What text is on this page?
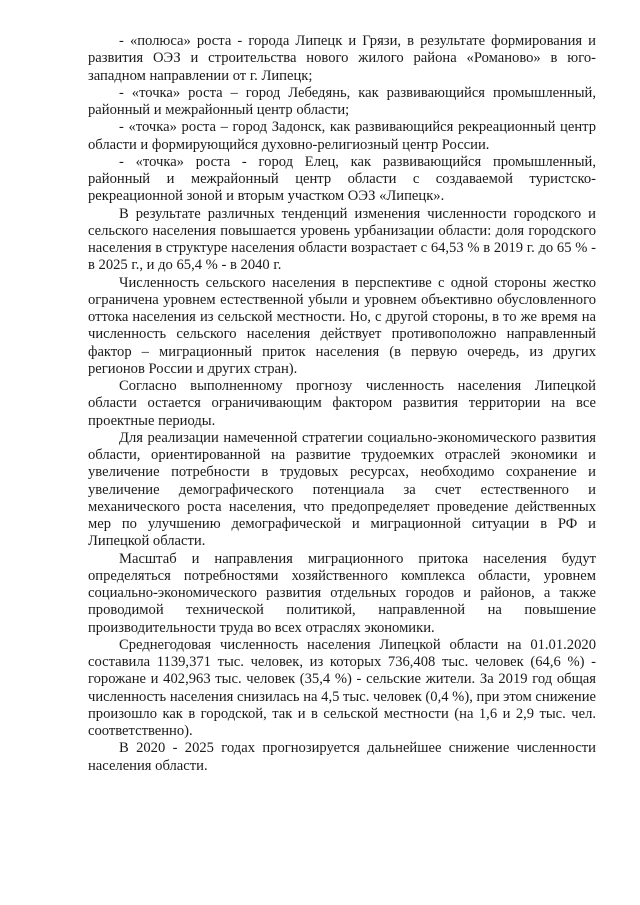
- «полюса» роста - города Липецк и Грязи, в результате формирования и развития ОЭЗ и строительства нового жилого района «Романово» в юго-западном направлении от г. Липецк;

- «точка» роста – город Лебедянь, как развивающийся промышленный, районный и межрайонный центр области;

- «точка» роста – город Задонск, как развивающийся рекреационный центр области и формирующийся духовно-религиозный центр России.

- «точка» роста - город Елец, как развивающийся промышленный, районный и межрайонный центр области с создаваемой туристско-рекреационной зоной и вторым участком ОЭЗ «Липецк».

В результате различных тенденций изменения численности городского и сельского населения повышается уровень урбанизации области: доля городского населения в структуре населения области возрастает с 64,53 % в 2019 г. до 65 % - в 2025 г., и до 65,4 % - в 2040 г.

Численность сельского населения в перспективе с одной стороны жестко ограничена уровнем естественной убыли и уровнем объективно обусловленного оттока населения из сельской местности. Но, с другой стороны, в то же время на численность сельского населения действует противоположно направленный фактор – миграционный приток населения (в первую очередь, из других регионов России и других стран).

Согласно выполненному прогнозу численность населения Липецкой области остается ограничивающим фактором развития территории на все проектные периоды.

Для реализации намеченной стратегии социально-экономического развития области, ориентированной на развитие трудоемких отраслей экономики и увеличение потребности в трудовых ресурсах, необходимо сохранение и увеличение демографического потенциала за счет естественного и механического роста населения, что предопределяет проведение действенных мер по улучшению демографической и миграционной ситуации в РФ и Липецкой области.

Масштаб и направления миграционного притока населения будут определяться потребностями хозяйственного комплекса области, уровнем социально-экономического развития отдельных городов и районов, а также проводимой технической политикой, направленной на повышение производительности труда во всех отраслях экономики.

Среднегодовая численность населения Липецкой области на 01.01.2020 составила 1139,371 тыс. человек, из которых 736,408 тыс. человек (64,6 %) - горожане и 402,963 тыс. человек (35,4 %) - сельские жители. За 2019 год общая численность населения снизилась на 4,5 тыс. человек (0,4 %), при этом снижение произошло как в городской, так и в сельской местности (на 1,6 и 2,9 тыс. чел. соответственно).

В 2020 - 2025 годах прогнозируется дальнейшее снижение численности населения области.
